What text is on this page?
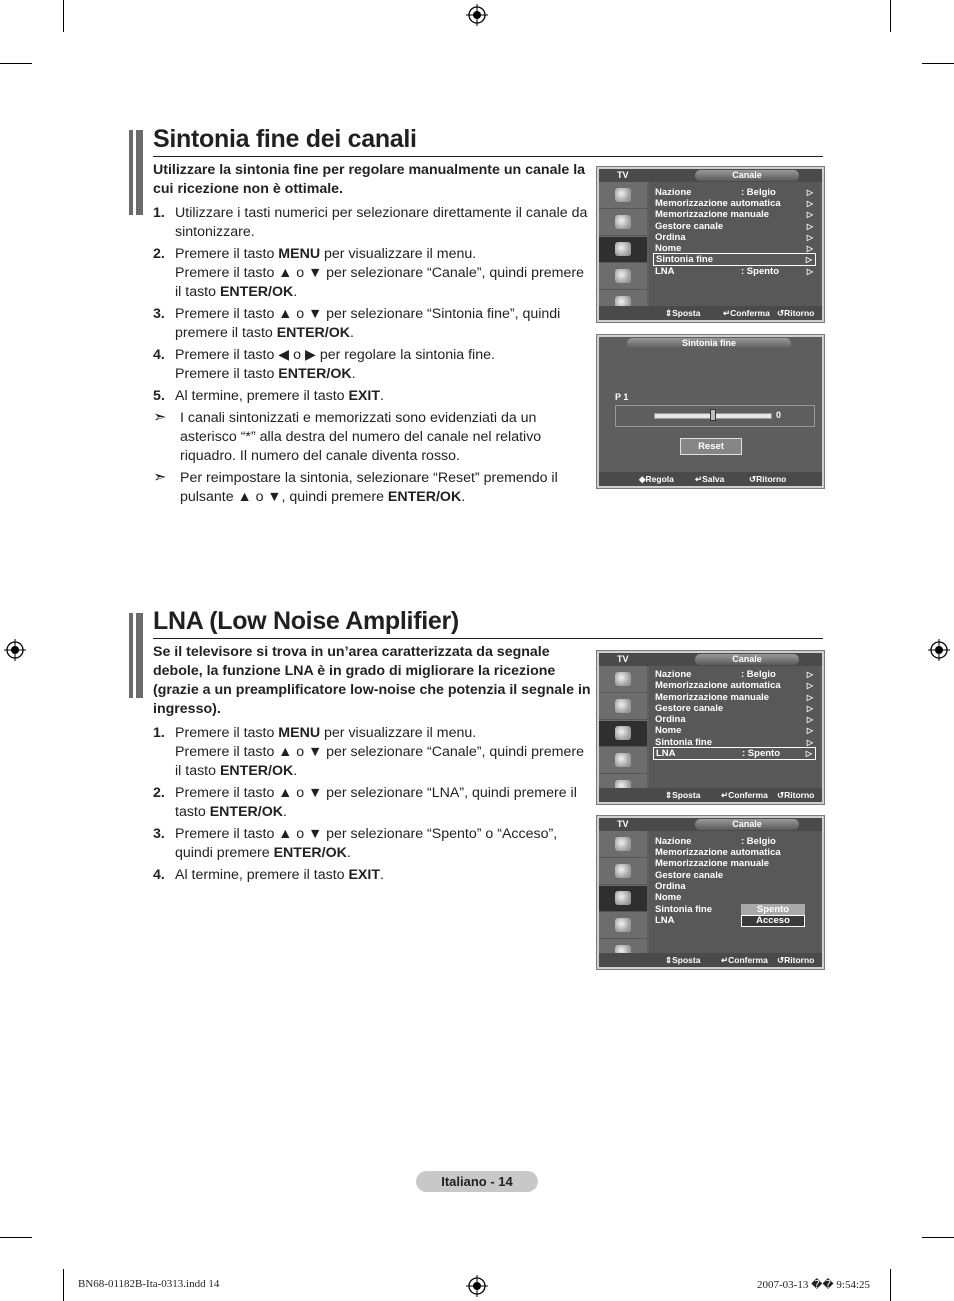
Sintonia fine dei canali
Utilizzare la sintonia fine per regolare manualmente un canale la cui ricezione non è ottimale.
1. Utilizzare i tasti numerici per selezionare direttamente il canale da sintonizzare.
2. Premere il tasto MENU per visualizzare il menu.
Premere il tasto ▲ o ▼ per selezionare “Canale”, quindi premere il tasto ENTER/OK.
3. Premere il tasto ▲ o ▼ per selezionare “Sintonia fine”, quindi premere il tasto ENTER/OK.
4. Premere il tasto ◀ o ▶ per regolare la sintonia fine.
Premere il tasto ENTER/OK.
5. Al termine, premere il tasto EXIT.
➣ I canali sintonizzati e memorizzati sono evidenziati da un asterisco “*” alla destra del numero del canale nel relativo riquadro. Il numero del canale diventa rosso.
➣ Per reimpostare la sintonia, selezionare “Reset” premendo il pulsante ▲ o ▼, quindi premere ENTER/OK.
TV	Canale
Nazione	: Belgio	▷
Memorizzazione automatica	▷
Memorizzazione manuale	▷
Gestore canale	▷
Ordina	▷
Nome	▷
Sintonia fine	▷
LNA	: Spento	▷
⇕ Sposta	↵ Conferma ↺ Ritorno
Sintonia fine
P 1
0
Reset
◆ Regola ↵ Salva	↺ Ritorno
LNA (Low Noise Amplifier)
Se il televisore si trova in un’area caratterizzata da segnale debole, la funzione LNA è in grado di migliorare la ricezione (grazie a un preamplificatore low-noise che potenzia il segnale in ingresso).
1. Premere il tasto MENU per visualizzare il menu.
Premere il tasto ▲ o ▼ per selezionare “Canale”, quindi premere il tasto ENTER/OK.
2. Premere il tasto ▲ o ▼ per selezionare “LNA”, quindi premere il tasto ENTER/OK.
3. Premere il tasto ▲ o ▼ per selezionare “Spento” o “Acceso”, quindi premere ENTER/OK.
4. Al termine, premere il tasto EXIT.
TV	Canale
Nazione	: Belgio	▷
Memorizzazione automatica	▷
Memorizzazione manuale	▷
Gestore canale	▷
Ordina	▷
Nome	▷
Sintonia fine	▷
LNA	: Spento	▷
⇕ Sposta ↵ Conferma ↺ Ritorno
TV	Canale
Nazione	: Belgio
Memorizzazione automatica
Memorizzazione manuale
Gestore canale
Ordina
Nome
Sintonia fine
LNA
Spento
Acceso
⇕ Sposta ↵ Conferma ↺ Ritorno
Italiano - 14
BN68-01182B-Ita-0313.indd 14	2007-03-13 �� 9:54:25
